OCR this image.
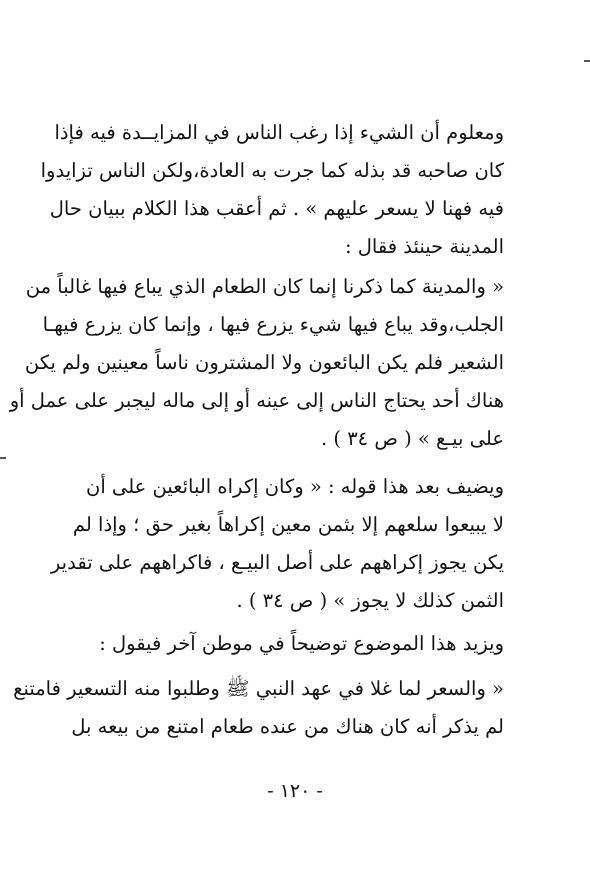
ومعلوم أن الشيء إذا رغب الناس في المزايــدة فيه فإذا
كان صاحبه قد بذله كما جرت به العادة،ولكن الناس تزايدوا
فيه فهنا لا يسعر عليهم » . ثم أعقب هذا الكلام ببيان حال
المدينة حينئذ فقال :
« والمدينة كما ذكرنا إنما كان الطعام الذي يباع فيها غالباً من
الجلب،وقد يباع فيها شيء يزرع فيها ، وإنما كان يزرع فيهـا
الشعير فلم يكن البائعون ولا المشترون ناساً معينين ولم يكن
هناك أحد يحتاج الناس إلى عينه أو إلى ماله ليجبر على عمل أو
على بيـع » ( ص ٣٤ ) .
ويضيف بعد هذا قوله : « وكان إكراه البائعين على أن
لا يبيعوا سلعهم إلا بثمن معين إكراهاً بغير حق ؛ وإذا لم
يكن يجوز إكراههم على أصل البيـع ، فاكراههم على تقدير
الثمن كذلك لا يجوز » ( ص ٣٤ ) .
ويزيد هذا الموضوع توضيحاً في موطن آخر فيقول :
« والسعر لما غلا في عهد النبي ﷺ وطلبوا منه التسعير فامتنع
لم يذكر أنه كان هناك من عنده طعام امتنع من بيعه بل
- ١٢٠ -
